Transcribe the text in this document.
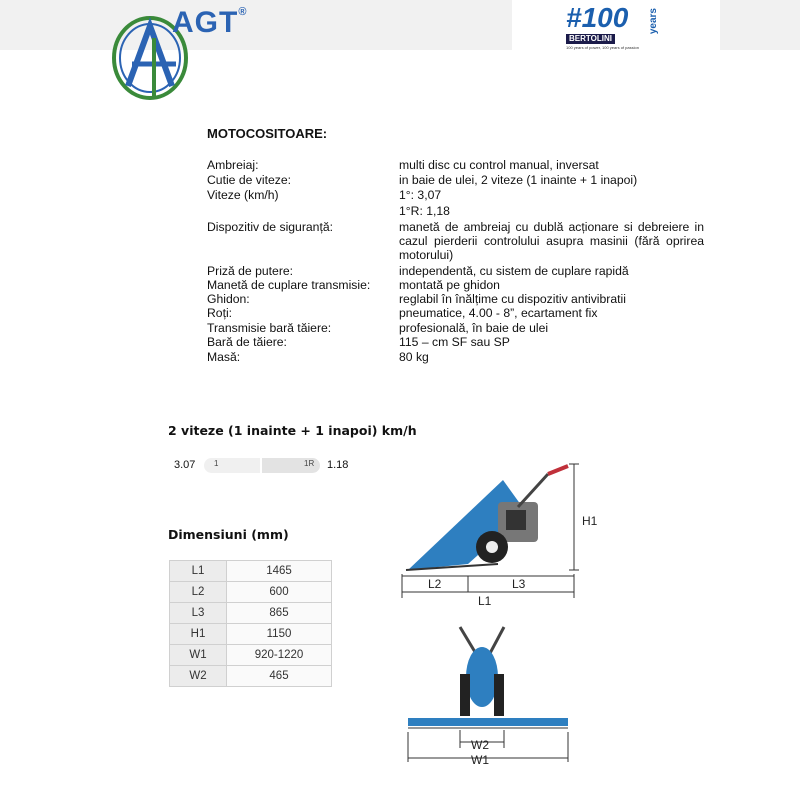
AGT®	#100 years
BERTOLINI
100 years of power, 100 years of passion
MOTOCOSITOARE:
Ambreiaj:	multi disc cu control manual, inversat
Cutie de viteze:	in baie de ulei, 2 viteze (1 inainte + 1 inapoi)
Viteze (km/h)	1°: 3,07
1°R: 1,18
Dispozitiv de siguranță:	manetă de ambreiaj cu dublă acționare si debreiere in cazul pierderii controlului asupra masinii (fără oprirea motorului)
Priză de putere:	independentă, cu sistem de cuplare rapidă
Manetă de cuplare transmisie: montată pe ghidon
Ghidon:	reglabil în înălțime cu dispozitiv antivibratii
Roți:	pneumatice, 4.00 - 8”, ecartament fix
Transmisie bară tăiere:	profesională, în baie de ulei
Bară de tăiere:	115 – cm SF sau SP
Masă:	80 kg
2 viteze (1 inainte + 1 inapoi) km/h
3.07 1	1R 1.18
Dimensiuni (mm)
L1	1465
L2	600
L3	865
H1	1150
W1	920-1220
W2	465
H1
L2	L3
L1
W2
W1
